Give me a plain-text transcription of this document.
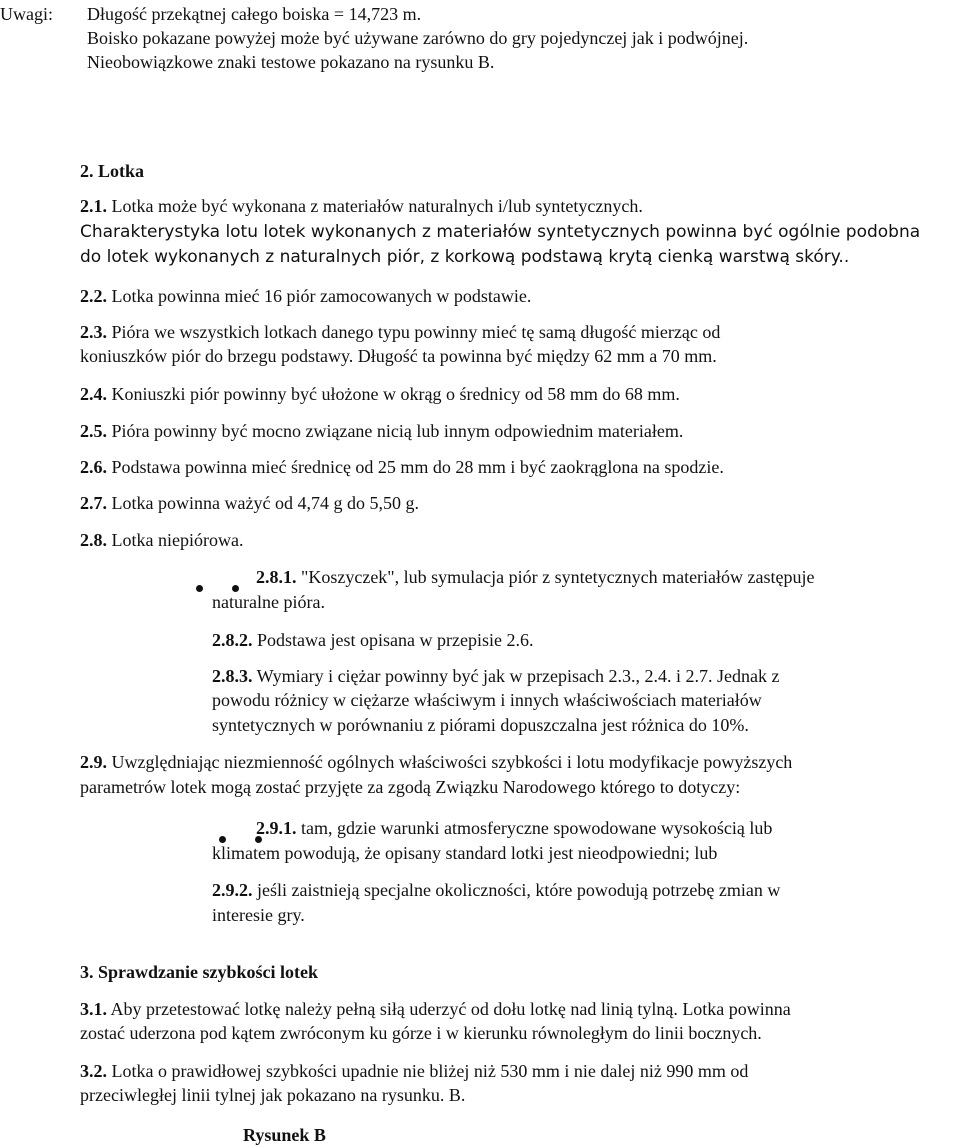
Uwagi: Długość przekątnej całego boiska = 14,723 m.
Boisko pokazane powyżej może być używane zarówno do gry pojedynczej jak i podwójnej.
Nieobowiązkowe znaki testowe pokazano na rysunku B.
2. Lotka
2.1. Lotka może być wykonana z materiałów naturalnych i/lub syntetycznych.
Charakterystyka lotu lotek wykonanych z materiałów syntetycznych powinna być ogólnie podobna
do lotek wykonanych z naturalnych piór, z korkową podstawą krytą cienką warstwą skóry..
2.2. Lotka powinna mieć 16 piór zamocowanych w podstawie.
2.3. Pióra we wszystkich lotkach danego typu powinny mieć tę samą długość mierząc od
koniuszków piór do brzegu podstawy. Długość ta powinna być między 62 mm a 70 mm.
2.4. Koniuszki piór powinny być ułożone w okrąg o średnicy od 58 mm do 68 mm.
2.5. Pióra powinny być mocno związane nicią lub innym odpowiednim materiałem.
2.6. Podstawa powinna mieć średnicę od 25 mm do 28 mm i być zaokrąglona na spodzie.
2.7. Lotka powinna ważyć od 4,74 g do 5,50 g.
2.8. Lotka niepiórowa.

2.8.1. "Koszyczek", lub symulacja piór z syntetycznych materiałów zastępuje
naturalne pióra.
2.8.2. Podstawa jest opisana w przepisie 2.6.
2.8.3. Wymiary i ciężar powinny być jak w przepisach 2.3., 2.4. i 2.7. Jednak z
powodu różnicy w ciężarze właściwym i innych właściwościach materiałów
syntetycznych w porównaniu z piórami dopuszczalna jest różnica do 10%.
2.9. Uwzględniając niezmienność ogólnych właściwości szybkości i lotu modyfikacje powyższych
parametrów lotek mogą zostać przyjęte za zgodą Związku Narodowego którego to dotyczy:

2.9.1. tam, gdzie warunki atmosferyczne spowodowane wysokością lub
klimatem powodują, że opisany standard lotki jest nieodpowiedni; lub
2.9.2. jeśli zaistnieją specjalne okoliczności, które powodują potrzebę zmian w
interesie gry.
3. Sprawdzanie szybkości lotek
3.1. Aby przetestować lotkę należy pełną siłą uderzyć od dołu lotkę nad linią tylną. Lotka powinna
zostać uderzona pod kątem zwróconym ku górze i w kierunku równoległym do linii bocznych.
3.2. Lotka o prawidłowej szybkości upadnie nie bliżej niż 530 mm i nie dalej niż 990 mm od
przeciwległej linii tylnej jak pokazano na rysunku. B.
Rysunek B
